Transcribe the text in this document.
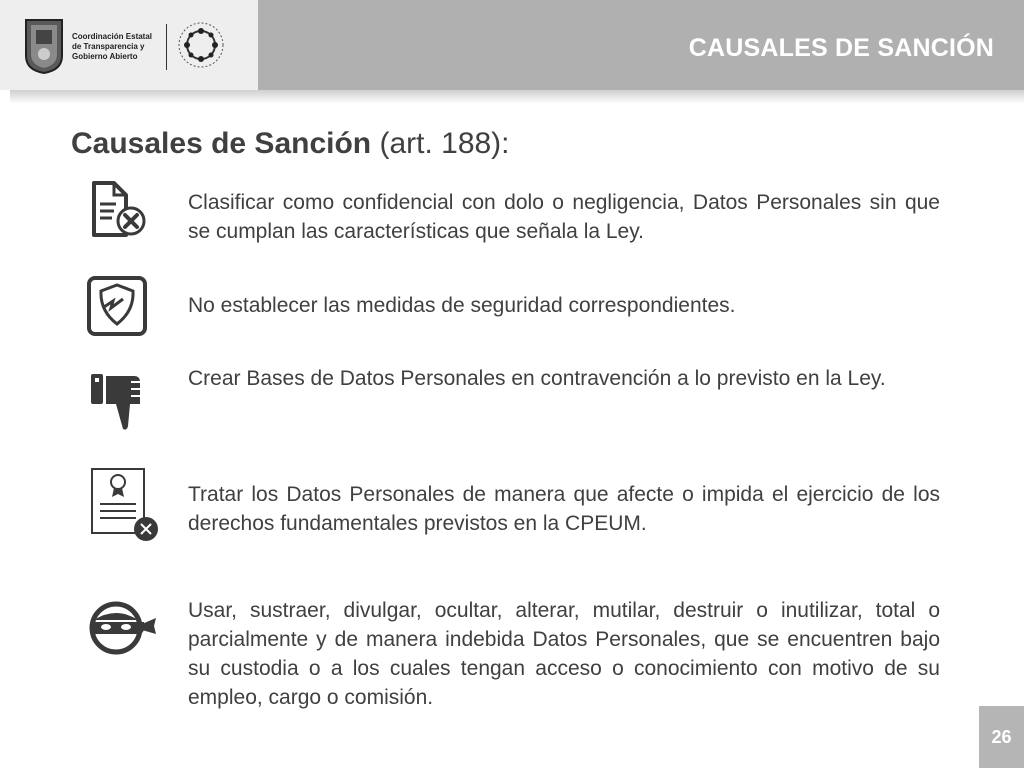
Coordinación Estatal
de Transparencia y
Gobierno Abierto	CAUSALES DE SANCIÓN
Causales de Sanción (art. 188):
Clasificar como confidencial con dolo o negligencia, Datos Personales sin que se cumplan las características que señala la Ley.
No establecer las medidas de seguridad correspondientes.
Crear Bases de Datos Personales en contravención a lo previsto en la Ley.
Tratar los Datos Personales de manera que afecte o impida el ejercicio de los derechos fundamentales previstos en la CPEUM.
Usar, sustraer, divulgar, ocultar, alterar, mutilar, destruir o inutilizar, total o parcialmente y de manera indebida Datos Personales, que se encuentren bajo su custodia o a los cuales tengan acceso o conocimiento con motivo de su empleo, cargo o comisión.
26
